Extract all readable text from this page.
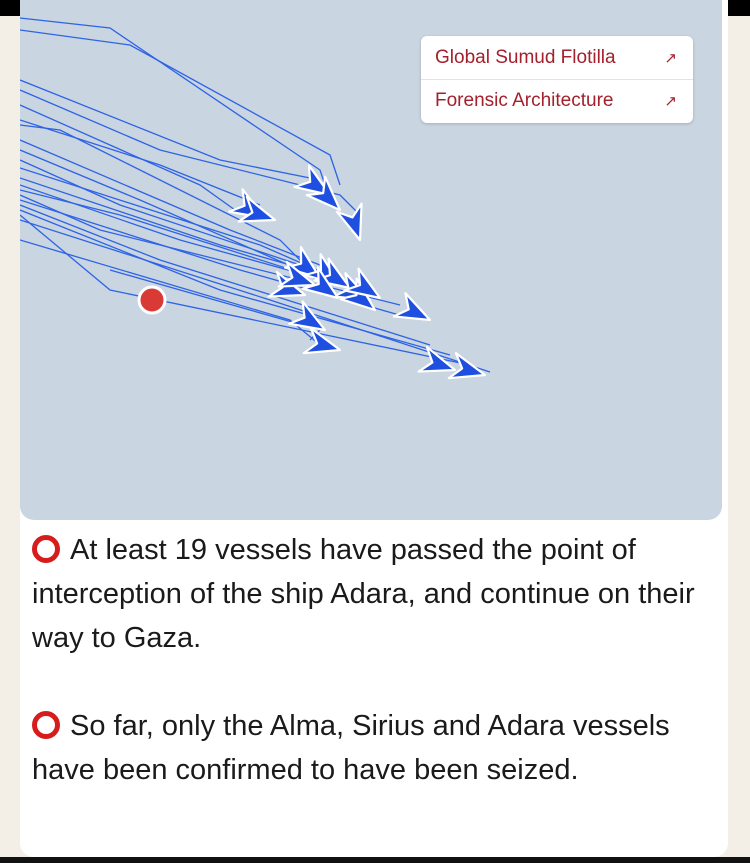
Global Sumud Flotilla	↗
Forensic Architecture	↗

At least 19 vessels have passed the point of interception of the ship Adara, and continue on their way to Gaza.

So far, only the Alma, Sirius and Adara vessels have been confirmed to have been seized.
